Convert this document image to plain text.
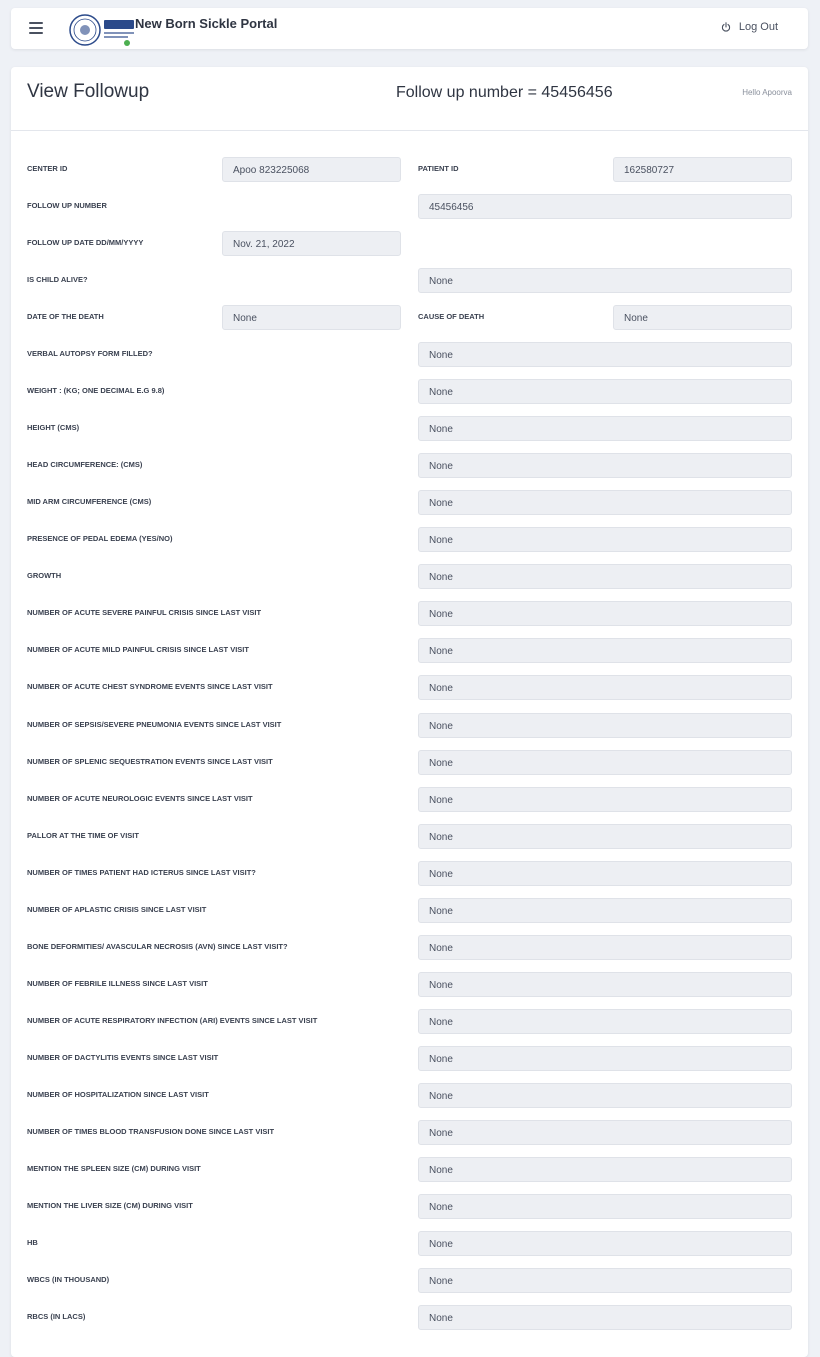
New Born Sickle Portal	Log Out
View Followup	Follow up number = 45456456	Hello Apoorva
CENTER ID	Apoo 823225068	PATIENT ID	162580727
FOLLOW UP NUMBER	45456456
FOLLOW UP DATE DD/MM/YYYY	Nov. 21, 2022
IS CHILD ALIVE?	None
DATE OF THE DEATH	None	CAUSE OF DEATH	None
VERBAL AUTOPSY FORM FILLED?	None
WEIGHT : (KG; ONE DECIMAL E.G 9.8)	None
HEIGHT (CMS)	None
HEAD CIRCUMFERENCE: (CMS)	None
MID ARM CIRCUMFERENCE (CMS)	None
PRESENCE OF PEDAL EDEMA (YES/NO)	None
GROWTH	None
NUMBER OF ACUTE SEVERE PAINFUL CRISIS SINCE LAST VISIT	None
NUMBER OF ACUTE MILD PAINFUL CRISIS SINCE LAST VISIT	None
NUMBER OF ACUTE CHEST SYNDROME EVENTS SINCE LAST VISIT	None
NUMBER OF SEPSIS/SEVERE PNEUMONIA EVENTS SINCE LAST VISIT	None
NUMBER OF SPLENIC SEQUESTRATION EVENTS SINCE LAST VISIT	None
NUMBER OF ACUTE NEUROLOGIC EVENTS SINCE LAST VISIT	None
PALLOR AT THE TIME OF VISIT	None
NUMBER OF TIMES PATIENT HAD ICTERUS SINCE LAST VISIT?	None
NUMBER OF APLASTIC CRISIS SINCE LAST VISIT	None
BONE DEFORMITIES/ AVASCULAR NECROSIS (AVN) SINCE LAST VISIT?	None
NUMBER OF FEBRILE ILLNESS SINCE LAST VISIT	None
NUMBER OF ACUTE RESPIRATORY INFECTION (ARI) EVENTS SINCE LAST VISIT	None
NUMBER OF DACTYLITIS EVENTS SINCE LAST VISIT	None
NUMBER OF HOSPITALIZATION SINCE LAST VISIT	None
NUMBER OF TIMES BLOOD TRANSFUSION DONE SINCE LAST VISIT	None
MENTION THE SPLEEN SIZE (CM) DURING VISIT	None
MENTION THE LIVER SIZE (CM) DURING VISIT	None
HB	None
WBCS (IN THOUSAND)	None
RBCS (IN LACS)	None
